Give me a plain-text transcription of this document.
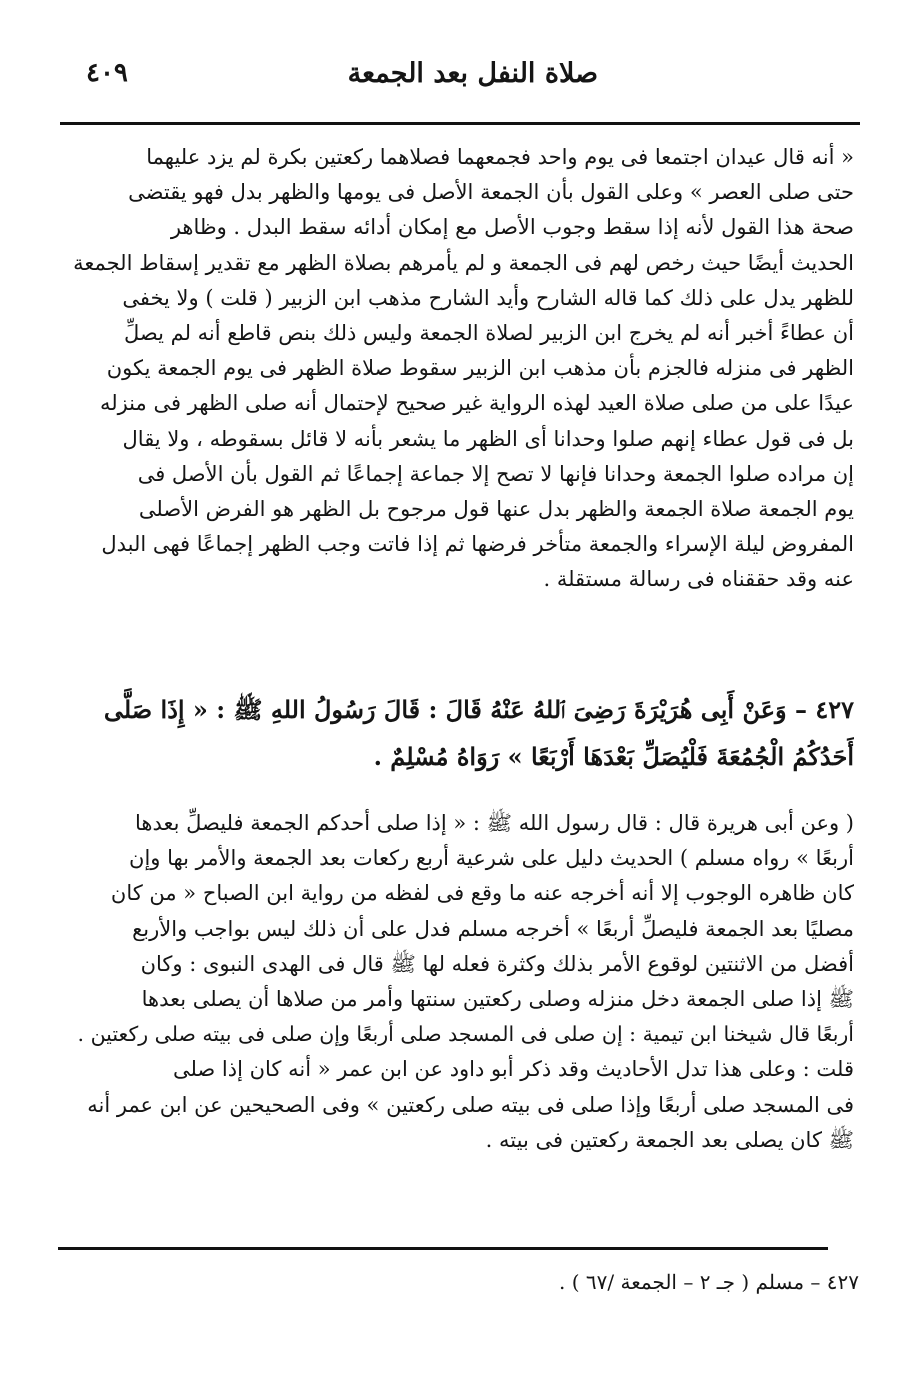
٤٠٩	صلاة النفل بعد الجمعة
« أنه قال عيدان اجتمعا فى يوم واحد فجمعهما فصلاهما ركعتين بكرة لم يزد عليهما
حتى صلى العصر » وعلى القول بأن الجمعة الأصل فى يومها والظهر بدل فهو يقتضى
صحة هذا القول لأنه إذا سقط وجوب الأصل مع إمكان أدائه سقط البدل . وظاهر
الحديث أيضًا حيث رخص لهم فى الجمعة و لم يأمرهم بصلاة الظهر مع تقدير إسقاط الجمعة
للظهر يدل على ذلك كما قاله الشارح وأيد الشارح مذهب ابن الزبير ( قلت ) ولا يخفى
أن عطاءً أخبر أنه لم يخرج ابن الزبير لصلاة الجمعة وليس ذلك بنص قاطع أنه لم يصلِّ
الظهر فى منزله فالجزم بأن مذهب ابن الزبير سقوط صلاة الظهر فى يوم الجمعة يكون
عيدًا على من صلى صلاة العيد لهذه الرواية غير صحيح لإحتمال أنه صلى الظهر فى منزله
بل فى قول عطاء إنهم صلوا وحدانا أى الظهر ما يشعر بأنه لا قائل بسقوطه ، ولا يقال
إن مراده صلوا الجمعة وحدانا فإنها لا تصح إلا جماعة إجماعًا ثم القول بأن الأصل فى
يوم الجمعة صلاة الجمعة والظهر بدل عنها قول مرجوح بل الظهر هو الفرض الأصلى
المفروض ليلة الإسراء والجمعة متأخر فرضها ثم إذا فاتت وجب الظهر إجماعًا فهى البدل
عنه وقد حققناه فى رسالة مستقلة .
٤٢٧ – وَعَنْ أَبِى هُرَيْرَةَ رَضِىَ ٱللهُ عَنْهُ قَالَ : قَالَ رَسُولُ اللهِ ﷺ : « إِذَا صَلَّى
أَحَدُكُمُ الْجُمُعَةَ فَلْيُصَلِّ بَعْدَهَا أَرْبَعًا » رَوَاهُ مُسْلِمٌ .
( وعن أبى هريرة قال : قال رسول الله ﷺ : « إذا صلى أحدكم الجمعة فليصلِّ بعدها
أربعًا » رواه مسلم ) الحديث دليل على شرعية أربع ركعات بعد الجمعة والأمر بها وإن
كان ظاهره الوجوب إلا أنه أخرجه عنه ما وقع فى لفظه من رواية ابن الصباح « من كان
مصليًا بعد الجمعة فليصلِّ أربعًا » أخرجه مسلم فدل على أن ذلك ليس بواجب والأربع
أفضل من الاثنتين لوقوع الأمر بذلك وكثرة فعله لها ﷺ قال فى الهدى النبوى : وكان
ﷺ إذا صلى الجمعة دخل منزله وصلى ركعتين سنتها وأمر من صلاها أن يصلى بعدها
أربعًا قال شيخنا ابن تيمية : إن صلى فى المسجد صلى أربعًا وإن صلى فى بيته صلى ركعتين .
قلت : وعلى هذا تدل الأحاديث وقد ذكر أبو داود عن ابن عمر « أنه كان إذا صلى
فى المسجد صلى أربعًا وإذا صلى فى بيته صلى ركعتين » وفى الصحيحين عن ابن عمر أنه
ﷺ كان يصلى بعد الجمعة ركعتين فى بيته .
٤٢٧ – مسلم ( جـ ٢ – الجمعة /٦٧ ) .
